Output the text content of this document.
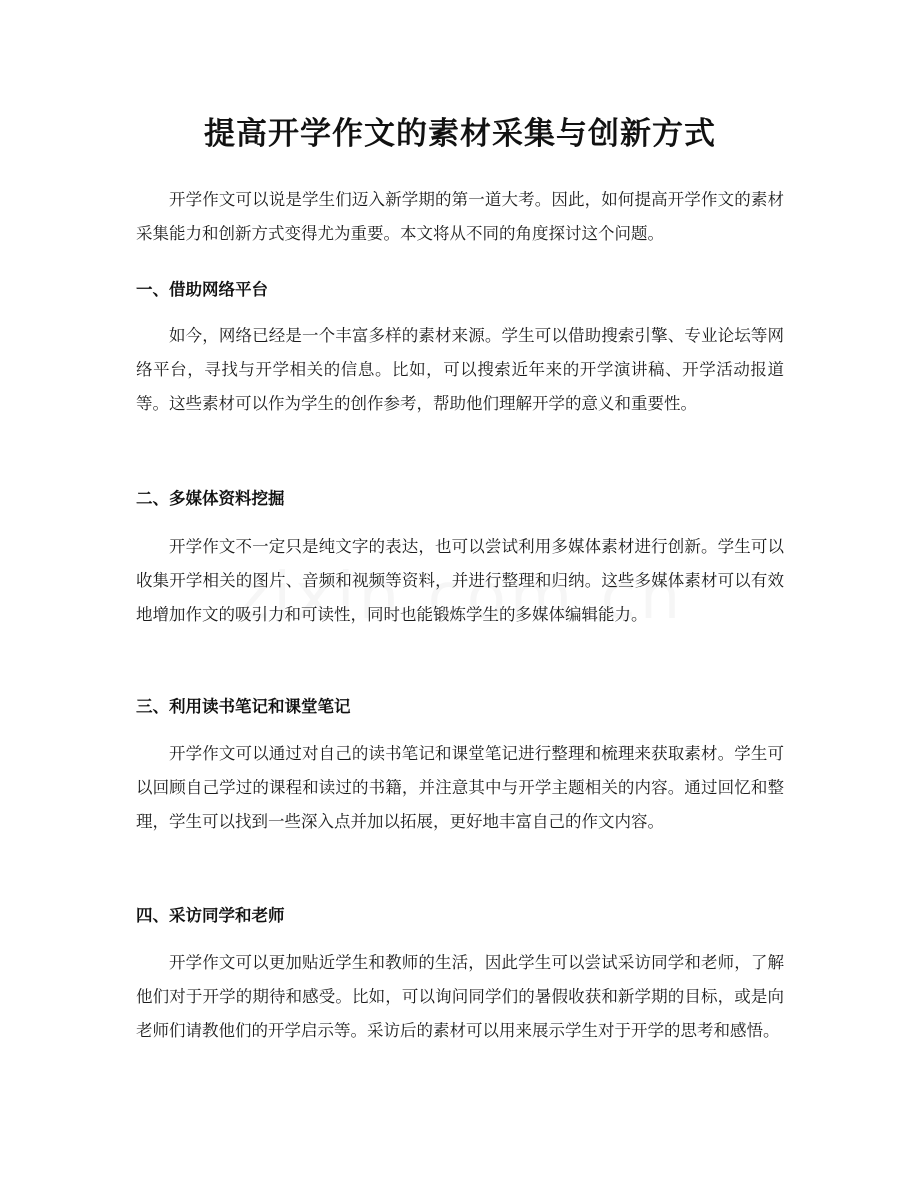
提高开学作文的素材采集与创新方式

开学作文可以说是学生们迈入新学期的第一道大考。因此，如何提高开学作文的素材采集能力和创新方式变得尤为重要。本文将从不同的角度探讨这个问题。

一、借助网络平台

如今，网络已经是一个丰富多样的素材来源。学生可以借助搜索引擎、专业论坛等网络平台，寻找与开学相关的信息。比如，可以搜索近年来的开学演讲稿、开学活动报道等。这些素材可以作为学生的创作参考，帮助他们理解开学的意义和重要性。

二、多媒体资料挖掘

开学作文不一定只是纯文字的表达，也可以尝试利用多媒体素材进行创新。学生可以收集开学相关的图片、音频和视频等资料，并进行整理和归纳。这些多媒体素材可以有效地增加作文的吸引力和可读性，同时也能锻炼学生的多媒体编辑能力。

三、利用读书笔记和课堂笔记

开学作文可以通过对自己的读书笔记和课堂笔记进行整理和梳理来获取素材。学生可以回顾自己学过的课程和读过的书籍，并注意其中与开学主题相关的内容。通过回忆和整理，学生可以找到一些深入点并加以拓展，更好地丰富自己的作文内容。

四、采访同学和老师

开学作文可以更加贴近学生和教师的生活，因此学生可以尝试采访同学和老师，了解他们对于开学的期待和感受。比如，可以询问同学们的暑假收获和新学期的目标，或是向老师们请教他们的开学启示等。采访后的素材可以用来展示学生对于开学的思考和感悟。
